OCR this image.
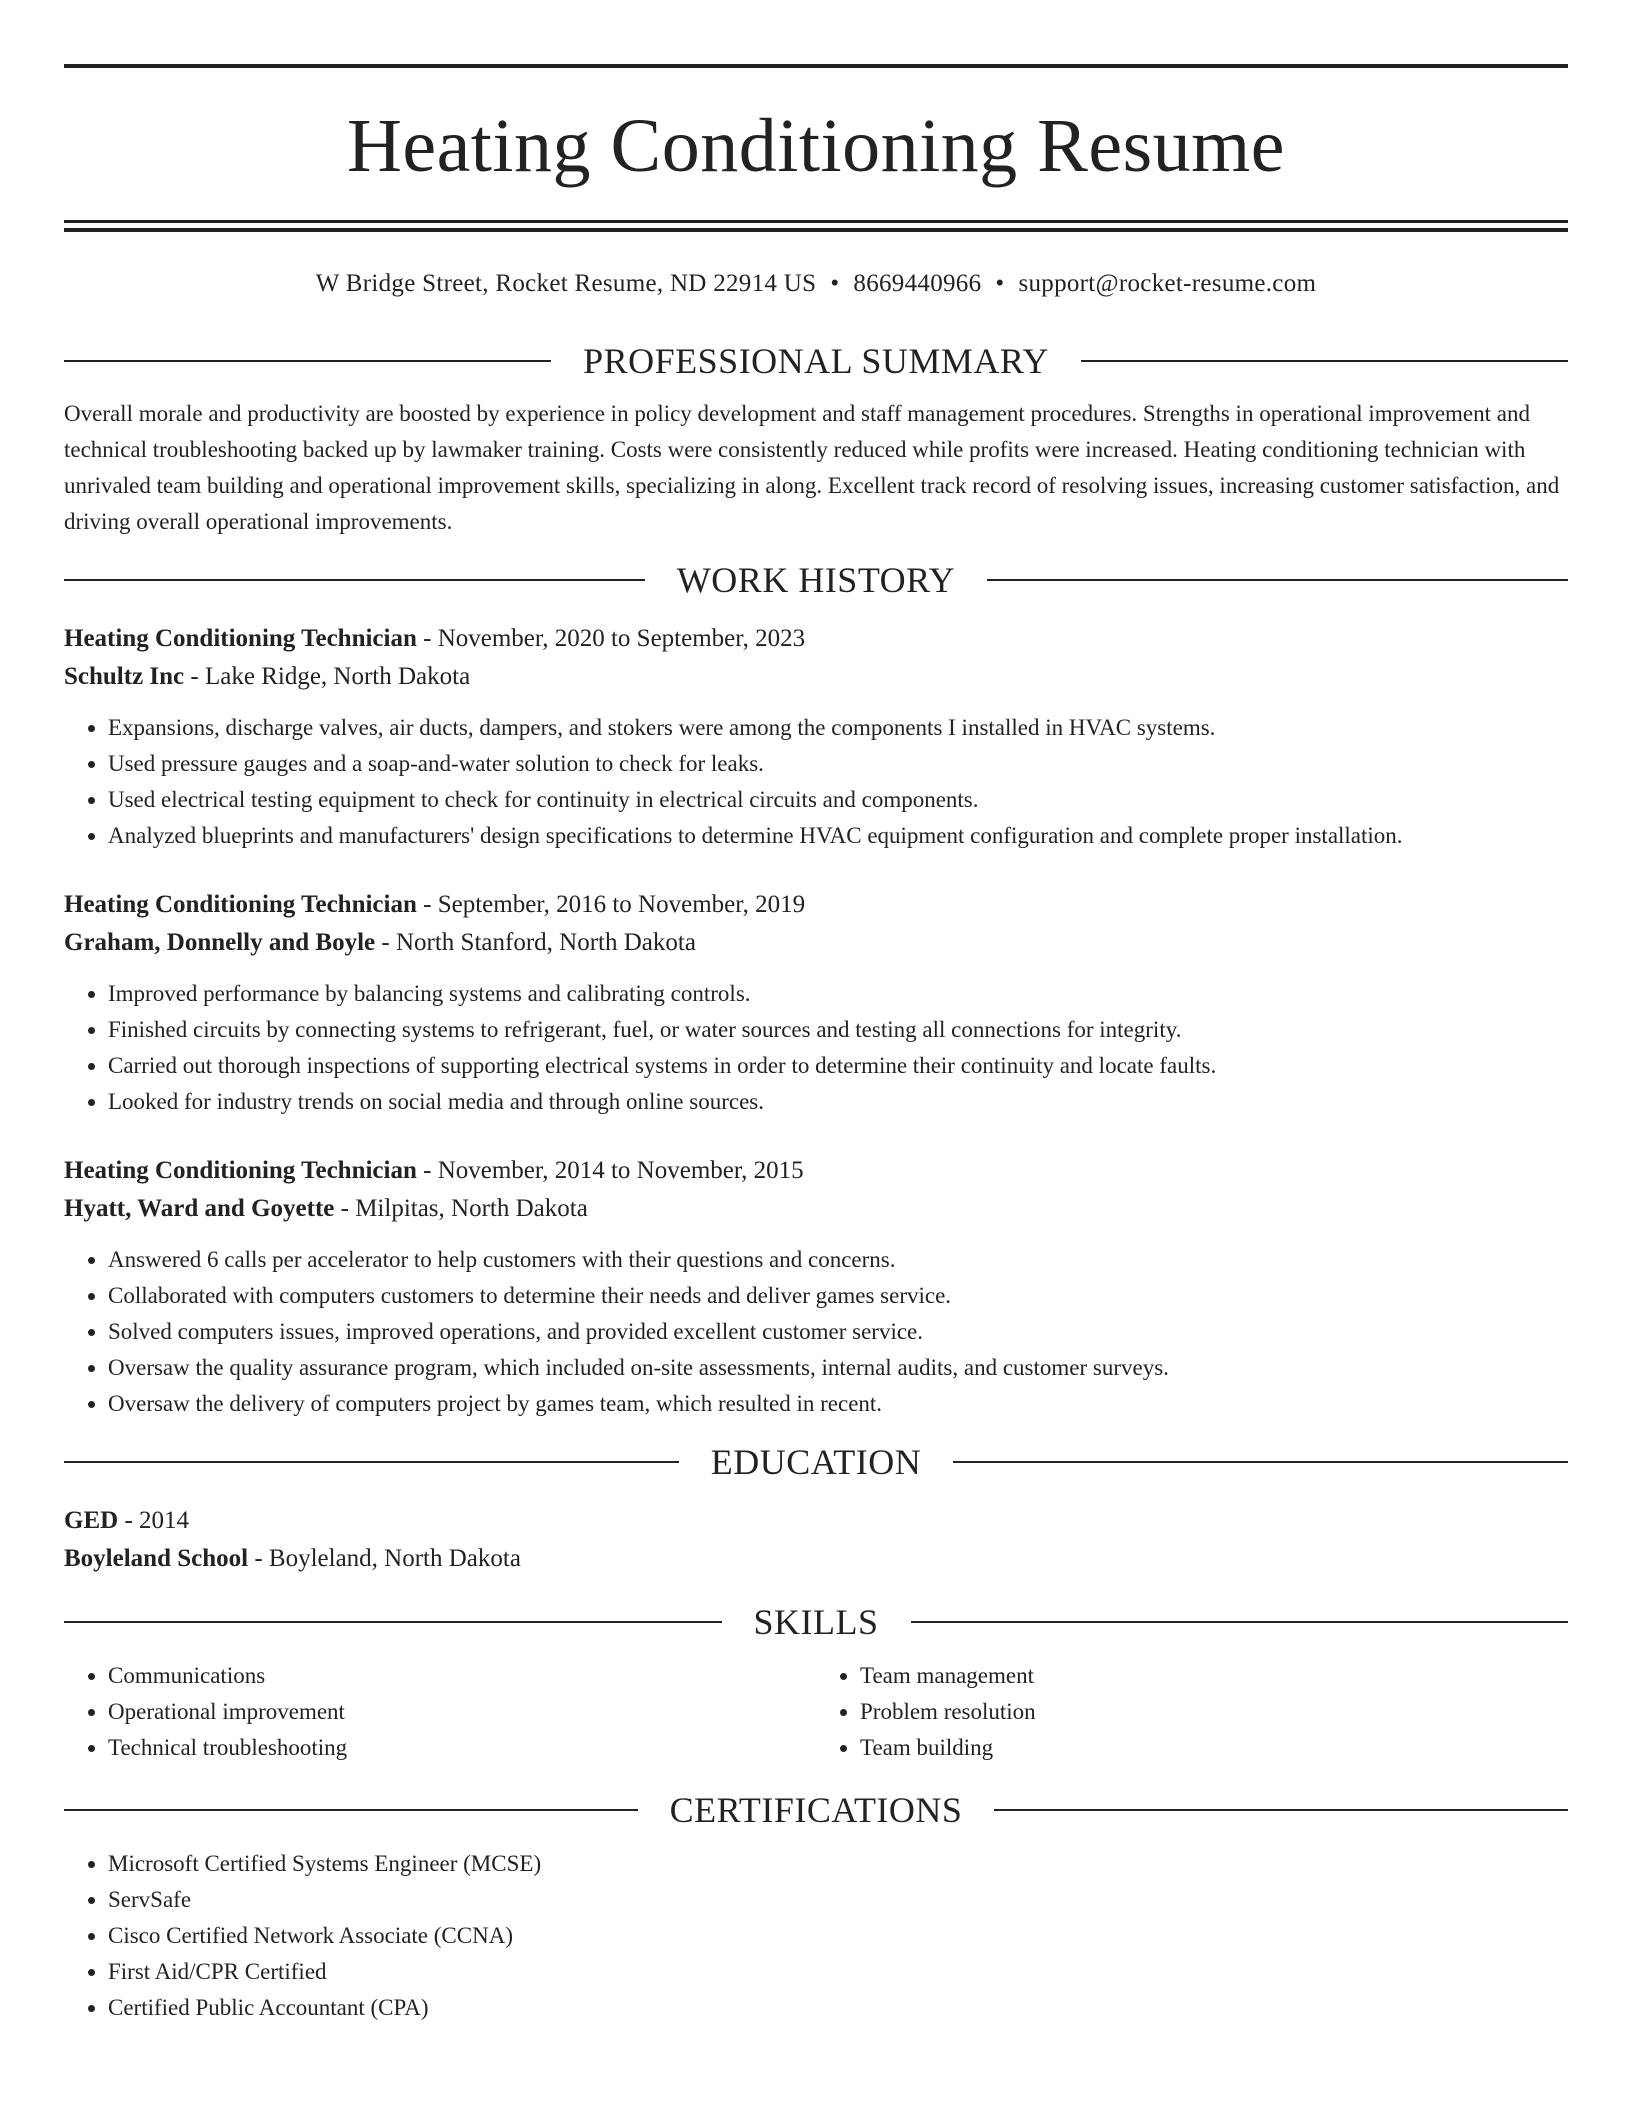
Heating Conditioning Resume
W Bridge Street, Rocket Resume, ND 22914 US • 8669440966 • support@rocket-resume.com
PROFESSIONAL SUMMARY

Overall morale and productivity are boosted by experience in policy development and staff management procedures. Strengths in operational improvement and technical troubleshooting backed up by lawmaker training. Costs were consistently reduced while profits were increased. Heating conditioning technician with unrivaled team building and operational improvement skills, specializing in along. Excellent track record of resolving issues, increasing customer satisfaction, and driving overall operational improvements.

WORK HISTORY

Heating Conditioning Technician - November, 2020 to September, 2023

Schultz Inc - Lake Ridge, North Dakota

• Expansions, discharge valves, air ducts, dampers, and stokers were among the components I installed in HVAC systems.
• Used pressure gauges and a soap-and-water solution to check for leaks.
• Used electrical testing equipment to check for continuity in electrical circuits and components.
• Analyzed blueprints and manufacturers' design specifications to determine HVAC equipment configuration and complete proper installation.

Heating Conditioning Technician - September, 2016 to November, 2019

Graham, Donnelly and Boyle - North Stanford, North Dakota

• Improved performance by balancing systems and calibrating controls.
• Finished circuits by connecting systems to refrigerant, fuel, or water sources and testing all connections for integrity.
• Carried out thorough inspections of supporting electrical systems in order to determine their continuity and locate faults.
• Looked for industry trends on social media and through online sources.

Heating Conditioning Technician - November, 2014 to November, 2015

Hyatt, Ward and Goyette - Milpitas, North Dakota

• Answered 6 calls per accelerator to help customers with their questions and concerns.
• Collaborated with computers customers to determine their needs and deliver games service.
• Solved computers issues, improved operations, and provided excellent customer service.
• Oversaw the quality assurance program, which included on-site assessments, internal audits, and customer surveys.
• Oversaw the delivery of computers project by games team, which resulted in recent.
EDUCATION

GED - 2014

Boyleland School - Boyleland, North Dakota

SKILLS
• Communications
• Operational improvement
• Technical troubleshooting
• Team management
• Problem resolution
• Team building
CERTIFICATIONS
• Microsoft Certified Systems Engineer (MCSE)
• ServSafe
• Cisco Certified Network Associate (CCNA)
• First Aid/CPR Certified
• Certified Public Accountant (CPA)
